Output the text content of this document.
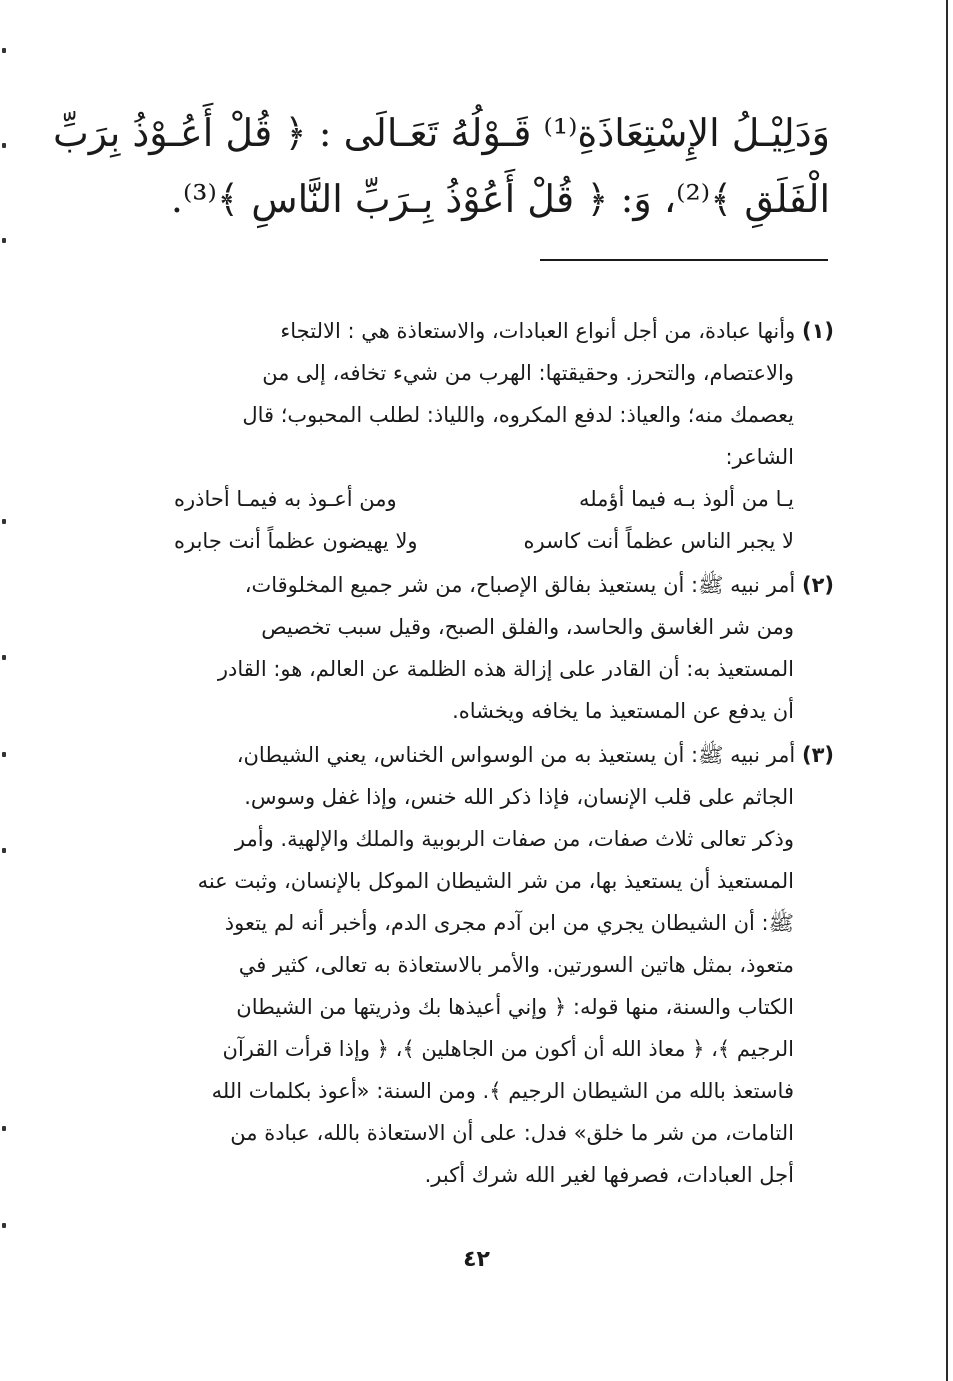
وَدَلِيْـلُ الإِسْتِعَاذَةِ⁽¹⁾ قَـوْلُهُ تَعَـالَى : ﴿ قُلْ أَعُـوْذُ بِرَبِّ
الْفَلَقِ ﴾⁽²⁾، وَ: ﴿ قُلْ أَعُوْذُ بِـرَبِّ النَّاسِ ﴾⁽³⁾.
(١) وأنها عبادة، من أجل أنواع العبادات، والاستعاذة هي : الالتجاء
والاعتصام، والتحرز. وحقيقتها: الهرب من شيء تخافه، إلى من
يعصمك منه؛ والعياذ: لدفع المكروه، واللياذ: لطلب المحبوب؛ قال
الشاعر:
يـا من ألوذ بـه فيما أؤمله
ومن أعـوذ به فيمـا أحاذره
لا يجبر الناس عظماً أنت كاسره
ولا يهيضون عظماً أنت جابره
(٢) أمر نبيه ﷺ: أن يستعيذ بفالق الإصباح، من شر جميع المخلوقات،
ومن شر الغاسق والحاسد، والفلق الصبح، وقيل سبب تخصيص
المستعيذ به: أن القادر على إزالة هذه الظلمة عن العالم، هو: القادر
أن يدفع عن المستعيذ ما يخافه ويخشاه.
(٣) أمر نبيه ﷺ: أن يستعيذ به من الوسواس الخناس، يعني الشيطان،
الجاثم على قلب الإنسان، فإذا ذكر الله خنس، وإذا غفل وسوس.
وذكر تعالى ثلاث صفات، من صفات الربوبية والملك والإلهية. وأمر
المستعيذ أن يستعيذ بها، من شر الشيطان الموكل بالإنسان، وثبت عنه
ﷺ: أن الشيطان يجري من ابن آدم مجرى الدم، وأخبر أنه لم يتعوذ
متعوذ، بمثل هاتين السورتين. والأمر بالاستعاذة به تعالى، كثير في
الكتاب والسنة، منها قوله: ﴿ وإني أعيذها بك وذريتها من الشيطان
الرجيم ﴾، ﴿ معاذ الله أن أكون من الجاهلين ﴾، ﴿ وإذا قرأت القرآن
فاستعذ بالله من الشيطان الرجيم ﴾. ومن السنة: «أعوذ بكلمات الله
التامات، من شر ما خلق» فدل: على أن الاستعاذة بالله، عبادة من
أجل العبادات، فصرفها لغير الله شرك أكبر.
٤٢
